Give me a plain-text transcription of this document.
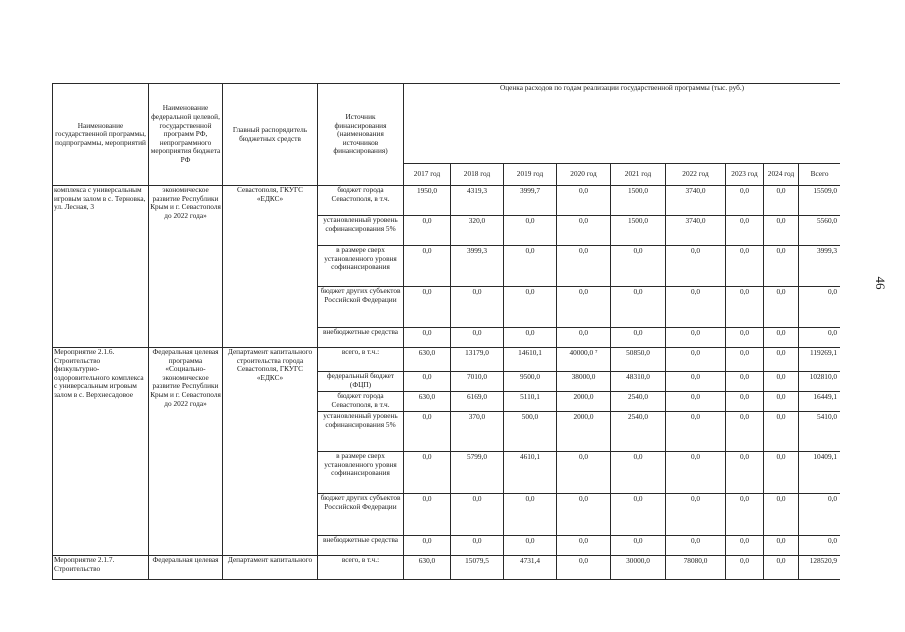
Наименование государственной программы, подпрограммы, мероприятий	Наименование федеральной целевой, государственной программ РФ, непрограммного мероприятия бюджета РФ	Главный распорядитель бюджетных средств	Источник финансирования (наименования источников финансирования)	Оценка расходов по годам реализации государственной программы (тыс. руб.)								
				2017 год	2018 год	2019 год	2020 год	2021 год	2022 год	2023 год	2024 год	Всего
комплекса с универсальным игровым залом в с. Терновка, ул. Лесная, 3	экономическое развитие Республики Крым и г. Севастополя до 2022 года»	Севастополя, ГКУГС «ЕДКС»	бюджет города Севастополя, в т.ч.	1950,0	4319,3	3999,7	0,0	1500,0	3740,0	0,0	0,0	15509,0
			установленный уровень софинансирования 5%	0,0	320,0	0,0	0,0	1500,0	3740,0	0,0	0,0	5560,0
			в размере сверх установленного уровня софинансирования	0,0	3999,3	0,0	0,0	0,0	0,0	0,0	0,0	3999,3
			бюджет других субъектов Российской Федерации	0,0	0,0	0,0	0,0	0,0	0,0	0,0	0,0	0,0
			внебюджетные средства	0,0	0,0	0,0	0,0	0,0	0,0	0,0	0,0	0,0
Мероприятие 2.1.6. Строительство физкультурно-оздоровительного комплекса с универсальным игровым залом в с. Верхнесадовое	Федеральная целевая программа «Социально-экономическое развитие Республики Крым и г. Севастополя до 2022 года»	Департамент капитального строительства города Севастополя, ГКУГС «ЕДКС»	всего, в т.ч.:	630,0	13179,0	14610,1	40000,0 ⁷	50850,0	0,0	0,0	0,0	119269,1
			федеральный бюджет (ФЦП)	0,0	7010,0	9500,0	38000,0	48310,0	0,0	0,0	0,0	102810,0
			бюджет города Севастополя, в т.ч.	630,0	6169,0	5110,1	2000,0	2540,0	0,0	0,0	0,0	16449,1
			установленный уровень софинансирования 5%	0,0	370,0	500,0	2000,0	2540,0	0,0	0,0	0,0	5410,0
			в размере сверх установленного уровня софинансирования	0,0	5799,0	4610,1	0,0	0,0	0,0	0,0	0,0	10409,1
			бюджет других субъектов Российской Федерации	0,0	0,0	0,0	0,0	0,0	0,0	0,0	0,0	0,0
			внебюджетные средства	0,0	0,0	0,0	0,0	0,0	0,0	0,0	0,0	0,0
Мероприятие 2.1.7. Строительство	Федеральная целевая	Департамент капитального	всего, в т.ч.:	630,0	15079,5	4731,4	0,0	30000,0	78080,0	0,0	0,0	128520,9
46
